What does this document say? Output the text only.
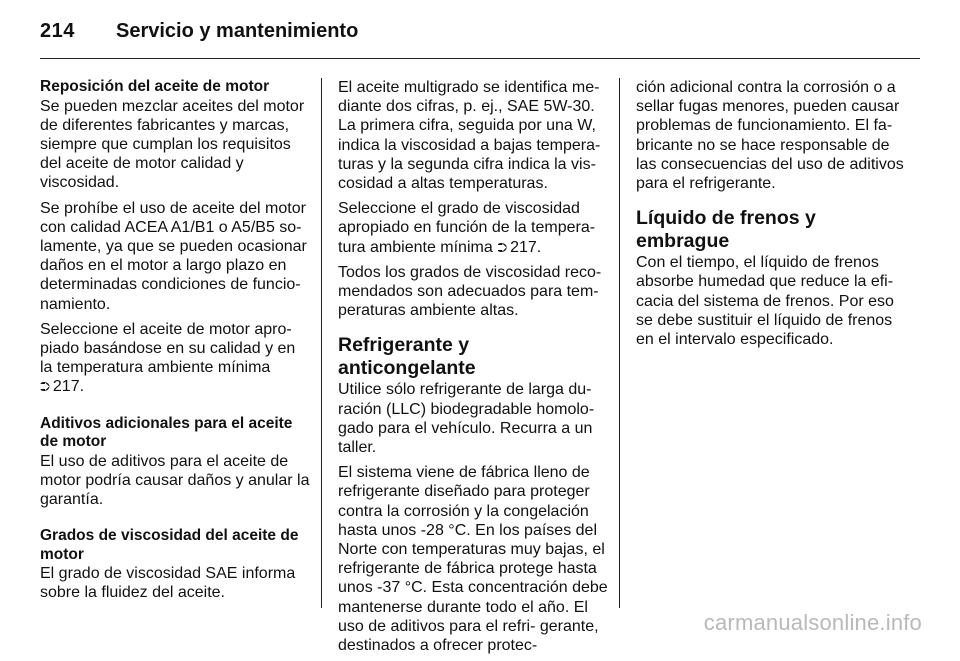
214 Servicio y mantenimiento
Reposición del aceite de motor

Se pueden mezclar aceites del motor de diferentes fabricantes y marcas, siempre que cumplan los requisitos del aceite de motor calidad y viscosidad.

Se prohíbe el uso de aceite del motor con calidad ACEA A1/B1 o A5/B5 so- lamente, ya que se pueden ocasionar daños en el motor a largo plazo en determinadas condiciones de funcio- namiento.

Seleccione el aceite de motor apro- piado basándose en su calidad y en la temperatura ambiente mínima
⮊ 217.

Aditivos adicionales para el aceite de motor

El uso de aditivos para el aceite de motor podría causar daños y anular la garantía.

Grados de viscosidad del aceite de motor

El grado de viscosidad SAE informa sobre la fluidez del aceite.

El aceite multigrado se identifica me- diante dos cifras, p. ej., SAE 5W-30. La primera cifra, seguida por una W, indica la viscosidad a bajas tempera- turas y la segunda cifra indica la vis- cosidad a altas temperaturas.

Seleccione el grado de viscosidad apropiado en función de la tempera- tura ambiente mínima ⮊ 217.

Todos los grados de viscosidad reco- mendados son adecuados para tem- peraturas ambiente altas.

Refrigerante y anticongelante

Utilice sólo refrigerante de larga du- ración (LLC) biodegradable homolo- gado para el vehículo. Recurra a un taller.

El sistema viene de fábrica lleno de refrigerante diseñado para proteger contra la corrosión y la congelación hasta unos -28 °C. En los países del Norte con temperaturas muy bajas, el refrigerante de fábrica protege hasta unos -37 °C. Esta concentración debe mantenerse durante todo el año. El uso de aditivos para el refri- gerante, destinados a ofrecer protec-

ción adicional contra la corrosión o a sellar fugas menores, pueden causar problemas de funcionamiento. El fa- bricante no se hace responsable de las consecuencias del uso de aditivos para el refrigerante.

Líquido de frenos y embrague

Con el tiempo, el líquido de frenos absorbe humedad que reduce la efi- cacia del sistema de frenos. Por eso se debe sustituir el líquido de frenos en el intervalo especificado.

carmanualsonline.info
